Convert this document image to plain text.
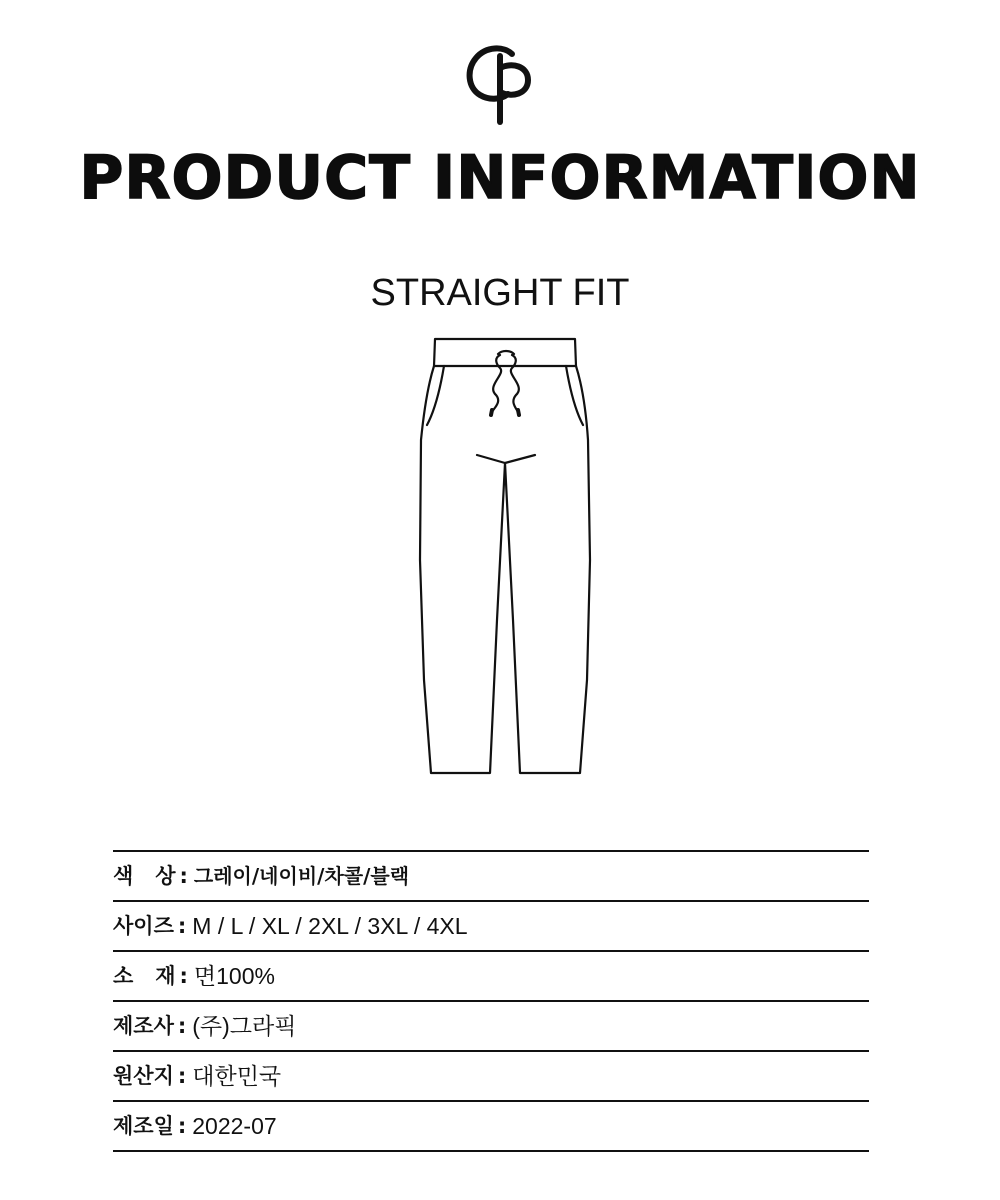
PRODUCT INFORMATION
STRAIGHT FIT
색   상 : 그레이/네이비/차콜/블랙
사이즈 : M / L / XL / 2XL / 3XL / 4XL
소   재 : 면100%
제조사 : (주)그라픽
원산지 : 대한민국
제조일 : 2022-07
